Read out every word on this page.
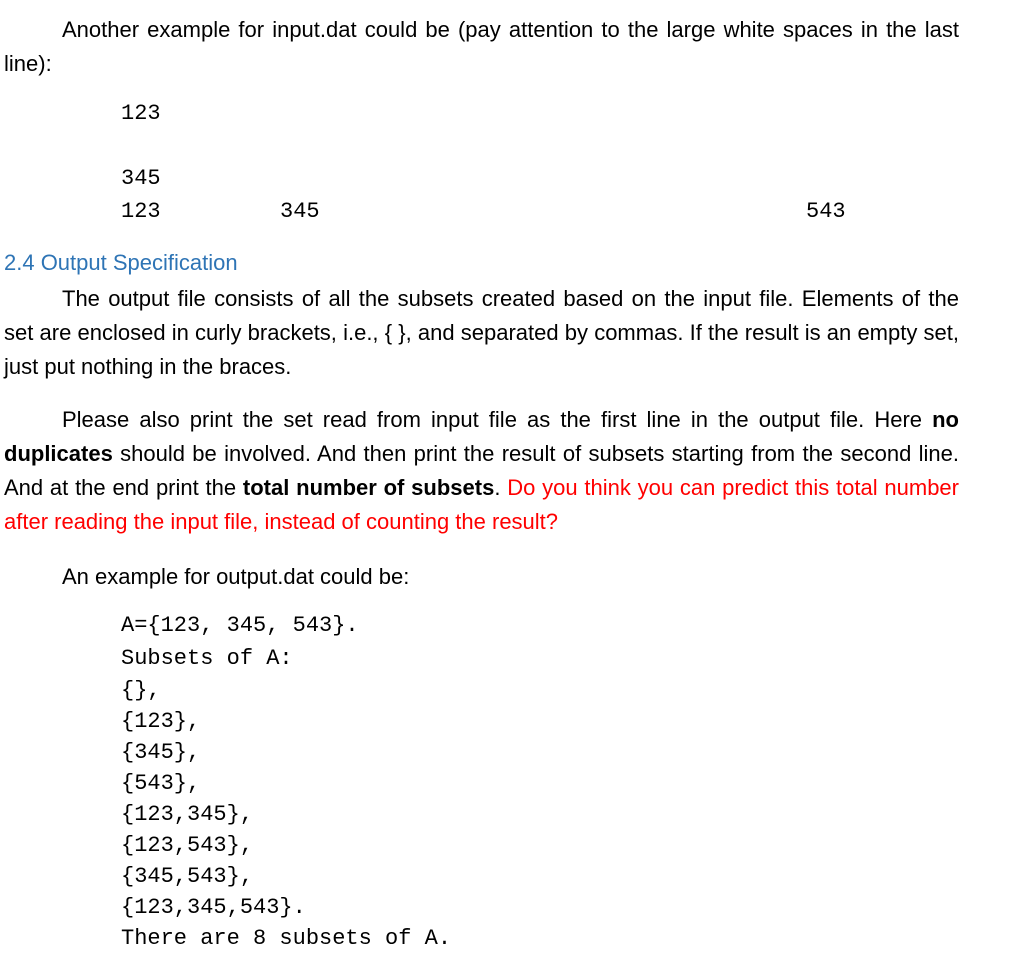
Another example for input.dat could be (pay attention to the large white spaces in the last line):

123
345
123	345	543
2.4 Output Specification

The output file consists of all the subsets created based on the input file. Elements of the set are enclosed in curly brackets, i.e., { }, and separated by commas. If the result is an empty set, just put nothing in the braces.

Please also print the set read from input file as the first line in the output file. Here no duplicates should be involved. And then print the result of subsets starting from the second line. And at the end print the total number of subsets. Do you think you can predict this total number after reading the input file, instead of counting the result?

An example for output.dat could be:

A={123, 345, 543}.
Subsets of A:
{},
{123},
{345},
{543},
{123,345},
{123,543},
{345,543},
{123,345,543}.
There are 8 subsets of A.
